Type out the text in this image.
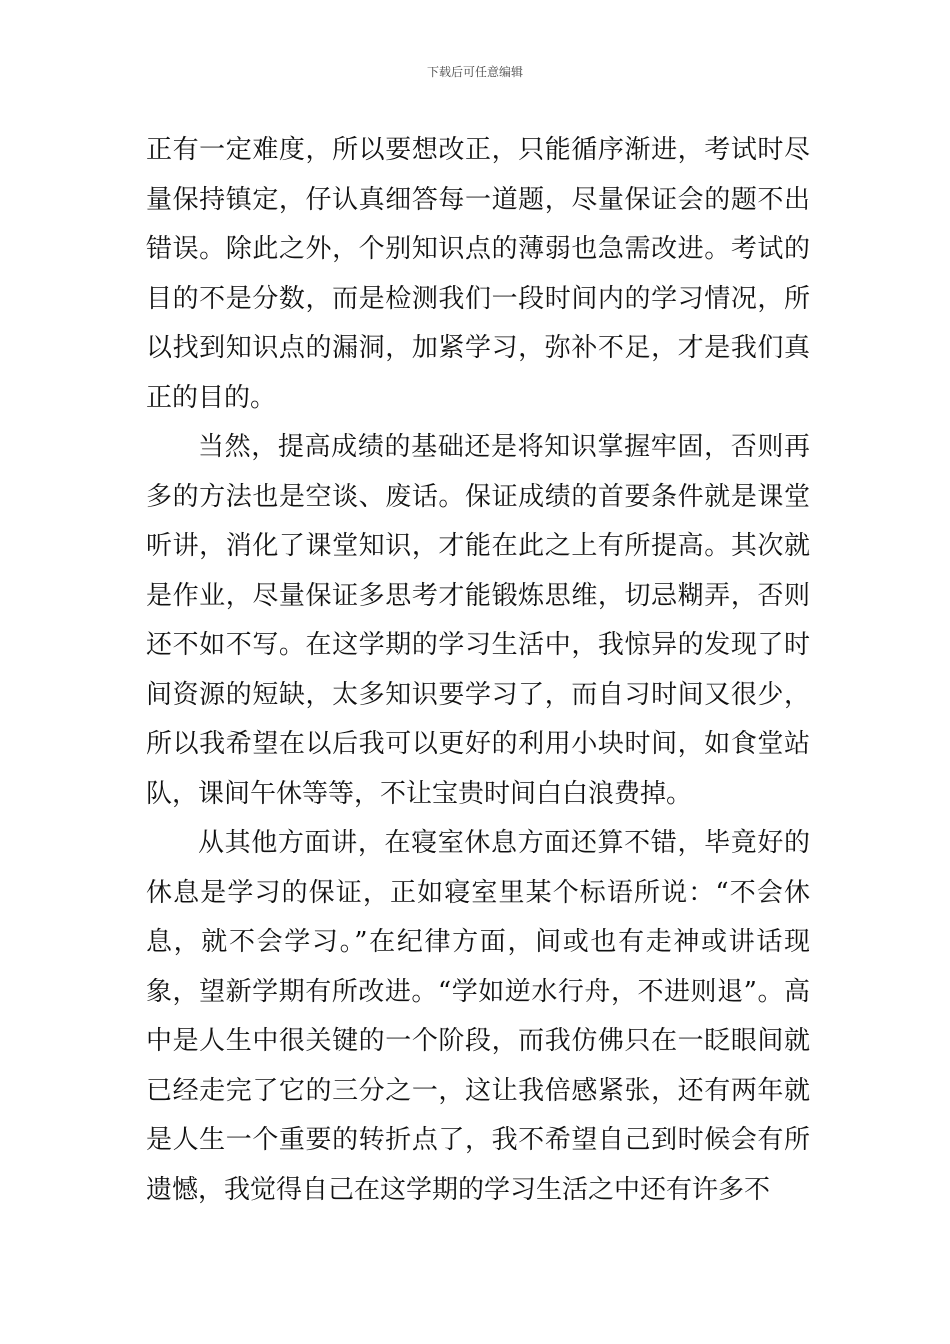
下载后可任意编辑

正有一定难度，所以要想改正，只能循序渐进，考试时尽量保持镇定，仔认真细答每一道题，尽量保证会的题不出错误。除此之外，个别知识点的薄弱也急需改进。考试的目的不是分数，而是检测我们一段时间内的学习情况，所以找到知识点的漏洞，加紧学习，弥补不足，才是我们真正的目的。

当然，提高成绩的基础还是将知识掌握牢固，否则再多的方法也是空谈、废话。保证成绩的首要条件就是课堂听讲，消化了课堂知识，才能在此之上有所提高。其次就是作业，尽量保证多思考才能锻炼思维，切忌糊弄，否则还不如不写。在这学期的学习生活中，我惊异的发现了时间资源的短缺，太多知识要学习了，而自习时间又很少，所以我希望在以后我可以更好的利用小块时间，如食堂站队，课间午休等等，不让宝贵时间白白浪费掉。

从其他方面讲，在寝室休息方面还算不错，毕竟好的休息是学习的保证，正如寝室里某个标语所说：“不会休息，就不会学习。”在纪律方面，间或也有走神或讲话现象，望新学期有所改进。“学如逆水行舟，不进则退”。高中是人生中很关键的一个阶段，而我仿佛只在一眨眼间就已经走完了它的三分之一，这让我倍感紧张，还有两年就是人生一个重要的转折点了，我不希望自己到时候会有所遗憾，我觉得自己在这学期的学习生活之中还有许多不
